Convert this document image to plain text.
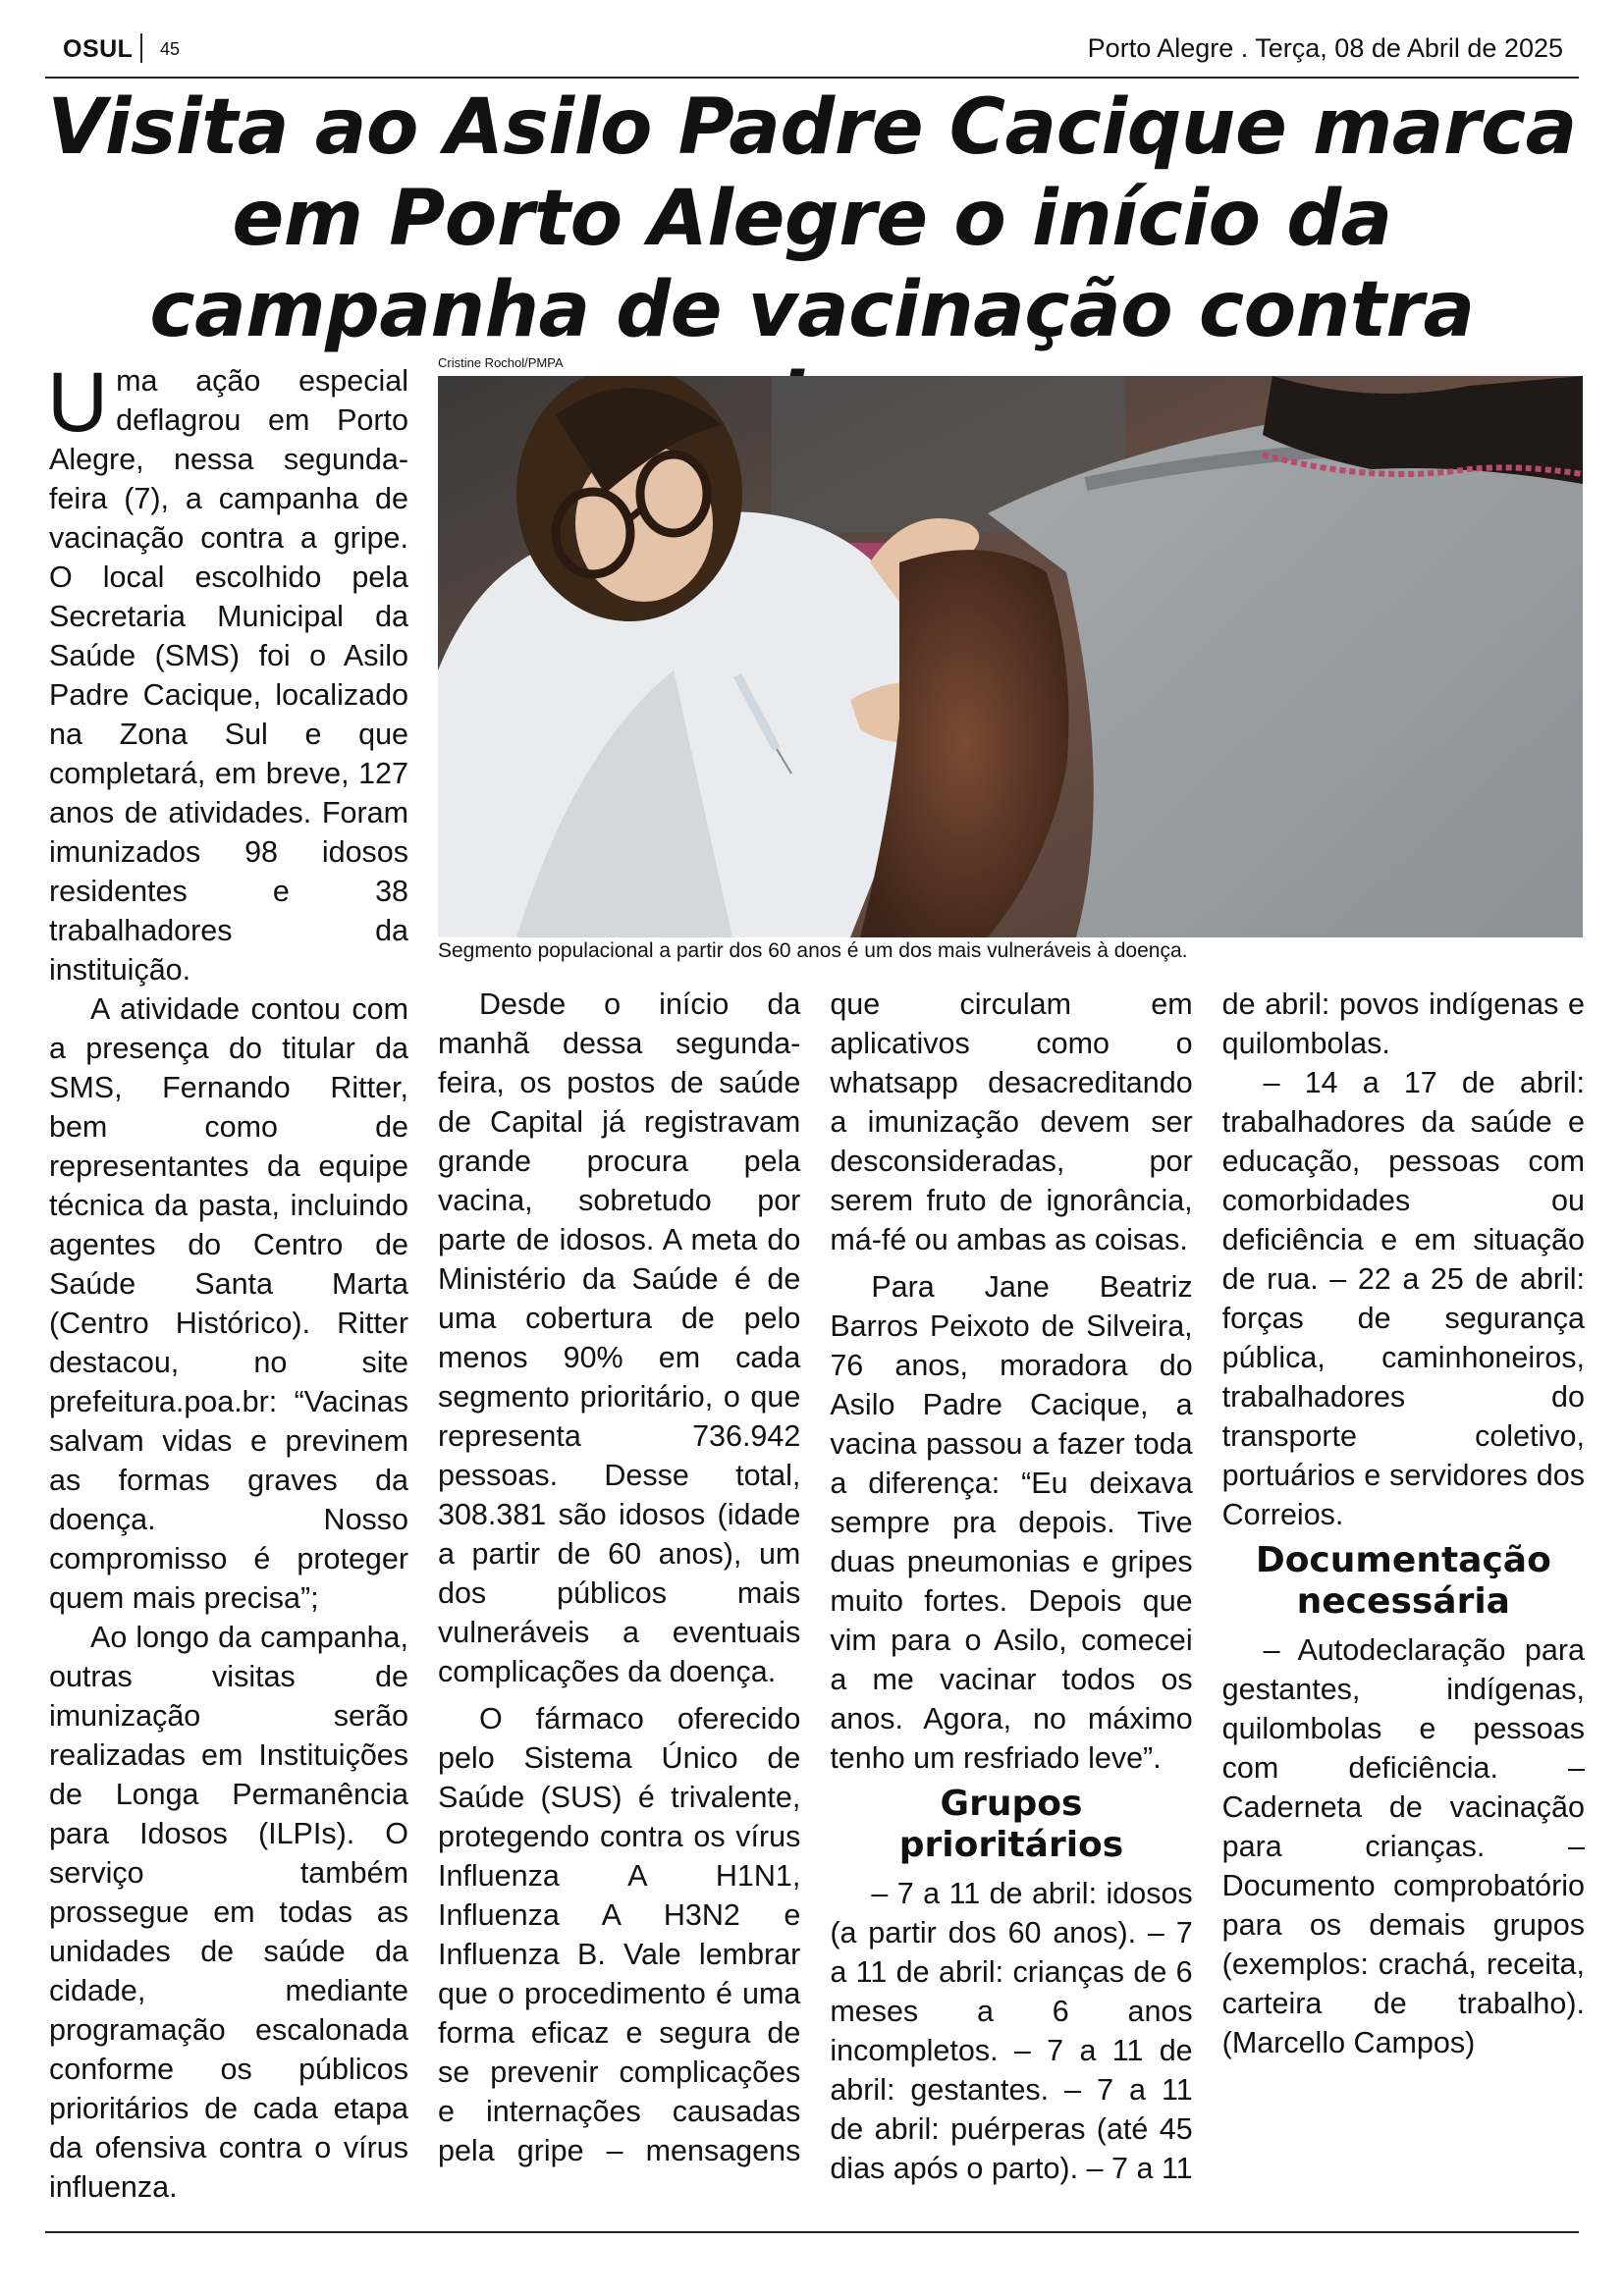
OSUL 45	Porto Alegre . Terça, 08 de Abril de 2025
Visita ao Asilo Padre Cacique marca em Porto Alegre o início da campanha de vacinação contra

Uma ação especial deflagrou em Porto Alegre, nessa segunda-feira (7), a campanha de vacinação contra a gripe. O local escolhido pela Secretaria Municipal da Saúde (SMS) foi o Asilo Padre Cacique, localizado na Zona Sul e que completará, em breve, 127 anos de atividades. Foram imunizados 98 idosos residentes e 38 trabalhadores da instituição.

A atividade contou com a presença do titular da SMS, Fernando Ritter, bem como de representantes da equipe técnica da pasta, incluindo agentes do Centro de Saúde Santa Marta (Centro Histórico). Ritter destacou, no site prefeitura.poa.br: “Vacinas salvam vidas e previnem as formas graves da doença. Nosso compromisso é proteger quem mais precisa”;

Ao longo da campanha, outras visitas de imunização serão realizadas em Instituições de Longa Permanência para Idosos (ILPIs). O serviço também prossegue em todas as unidades de saúde da cidade, mediante programação escalonada conforme os públicos prioritários de cada etapa da ofensiva contra o vírus influenza.

Cristine Rochol/PMPA
Segmento populacional a partir dos 60 anos é um dos mais vulneráveis à doença.

Desde o início da manhã dessa segunda-feira, os postos de saúde de Capital já registravam grande procura pela vacina, sobretudo por parte de idosos. A meta do Ministério da Saúde é de uma cobertura de pelo menos 90% em cada segmento prioritário, o que representa 736.942 pessoas. Desse total, 308.381 são idosos (idade a partir de 60 anos), um dos públicos mais vulneráveis a eventuais complicações da doença.

O fármaco oferecido pelo Sistema Único de Saúde (SUS) é trivalente, protegendo contra os vírus Influenza A H1N1, Influenza A H3N2 e Influenza B. Vale lembrar que o procedimento é uma forma eficaz e segura de se prevenir complicações e internações causadas pela gripe – mensagens que circulam em aplicativos como o whatsapp desacreditando a imunização devem ser desconsideradas, por serem fruto de ignorância, má-fé ou ambas as coisas.

Para Jane Beatriz Barros Peixoto de Silveira, 76 anos, moradora do Asilo Padre Cacique, a vacina passou a fazer toda a diferença: “Eu deixava sempre pra depois. Tive duas pneumonias e gripes muito fortes. Depois que vim para o Asilo, comecei a me vacinar todos os anos. Agora, no máximo tenho um resfriado leve”.

Grupos prioritários

– 7 a 11 de abril: idosos (a partir dos 60 anos). – 7 a 11 de abril: crianças de 6 meses a 6 anos incompletos. – 7 a 11 de abril: gestantes. – 7 a 11 de abril: puérperas (até 45 dias após o parto). – 7 a 11 de abril: povos indígenas e quilombolas.

– 14 a 17 de abril: trabalhadores da saúde e educação, pessoas com comorbidades ou deficiência e em situação de rua. – 22 a 25 de abril: forças de segurança pública, caminhoneiros, trabalhadores do transporte coletivo, portuários e servidores dos Correios.

Documentação necessária

– Autodeclaração para gestantes, indígenas, quilombolas e pessoas com deficiência. – Caderneta de vacinação para crianças. – Documento comprobatório para os demais grupos (exemplos: crachá, receita, carteira de trabalho). (Marcello Campos)
